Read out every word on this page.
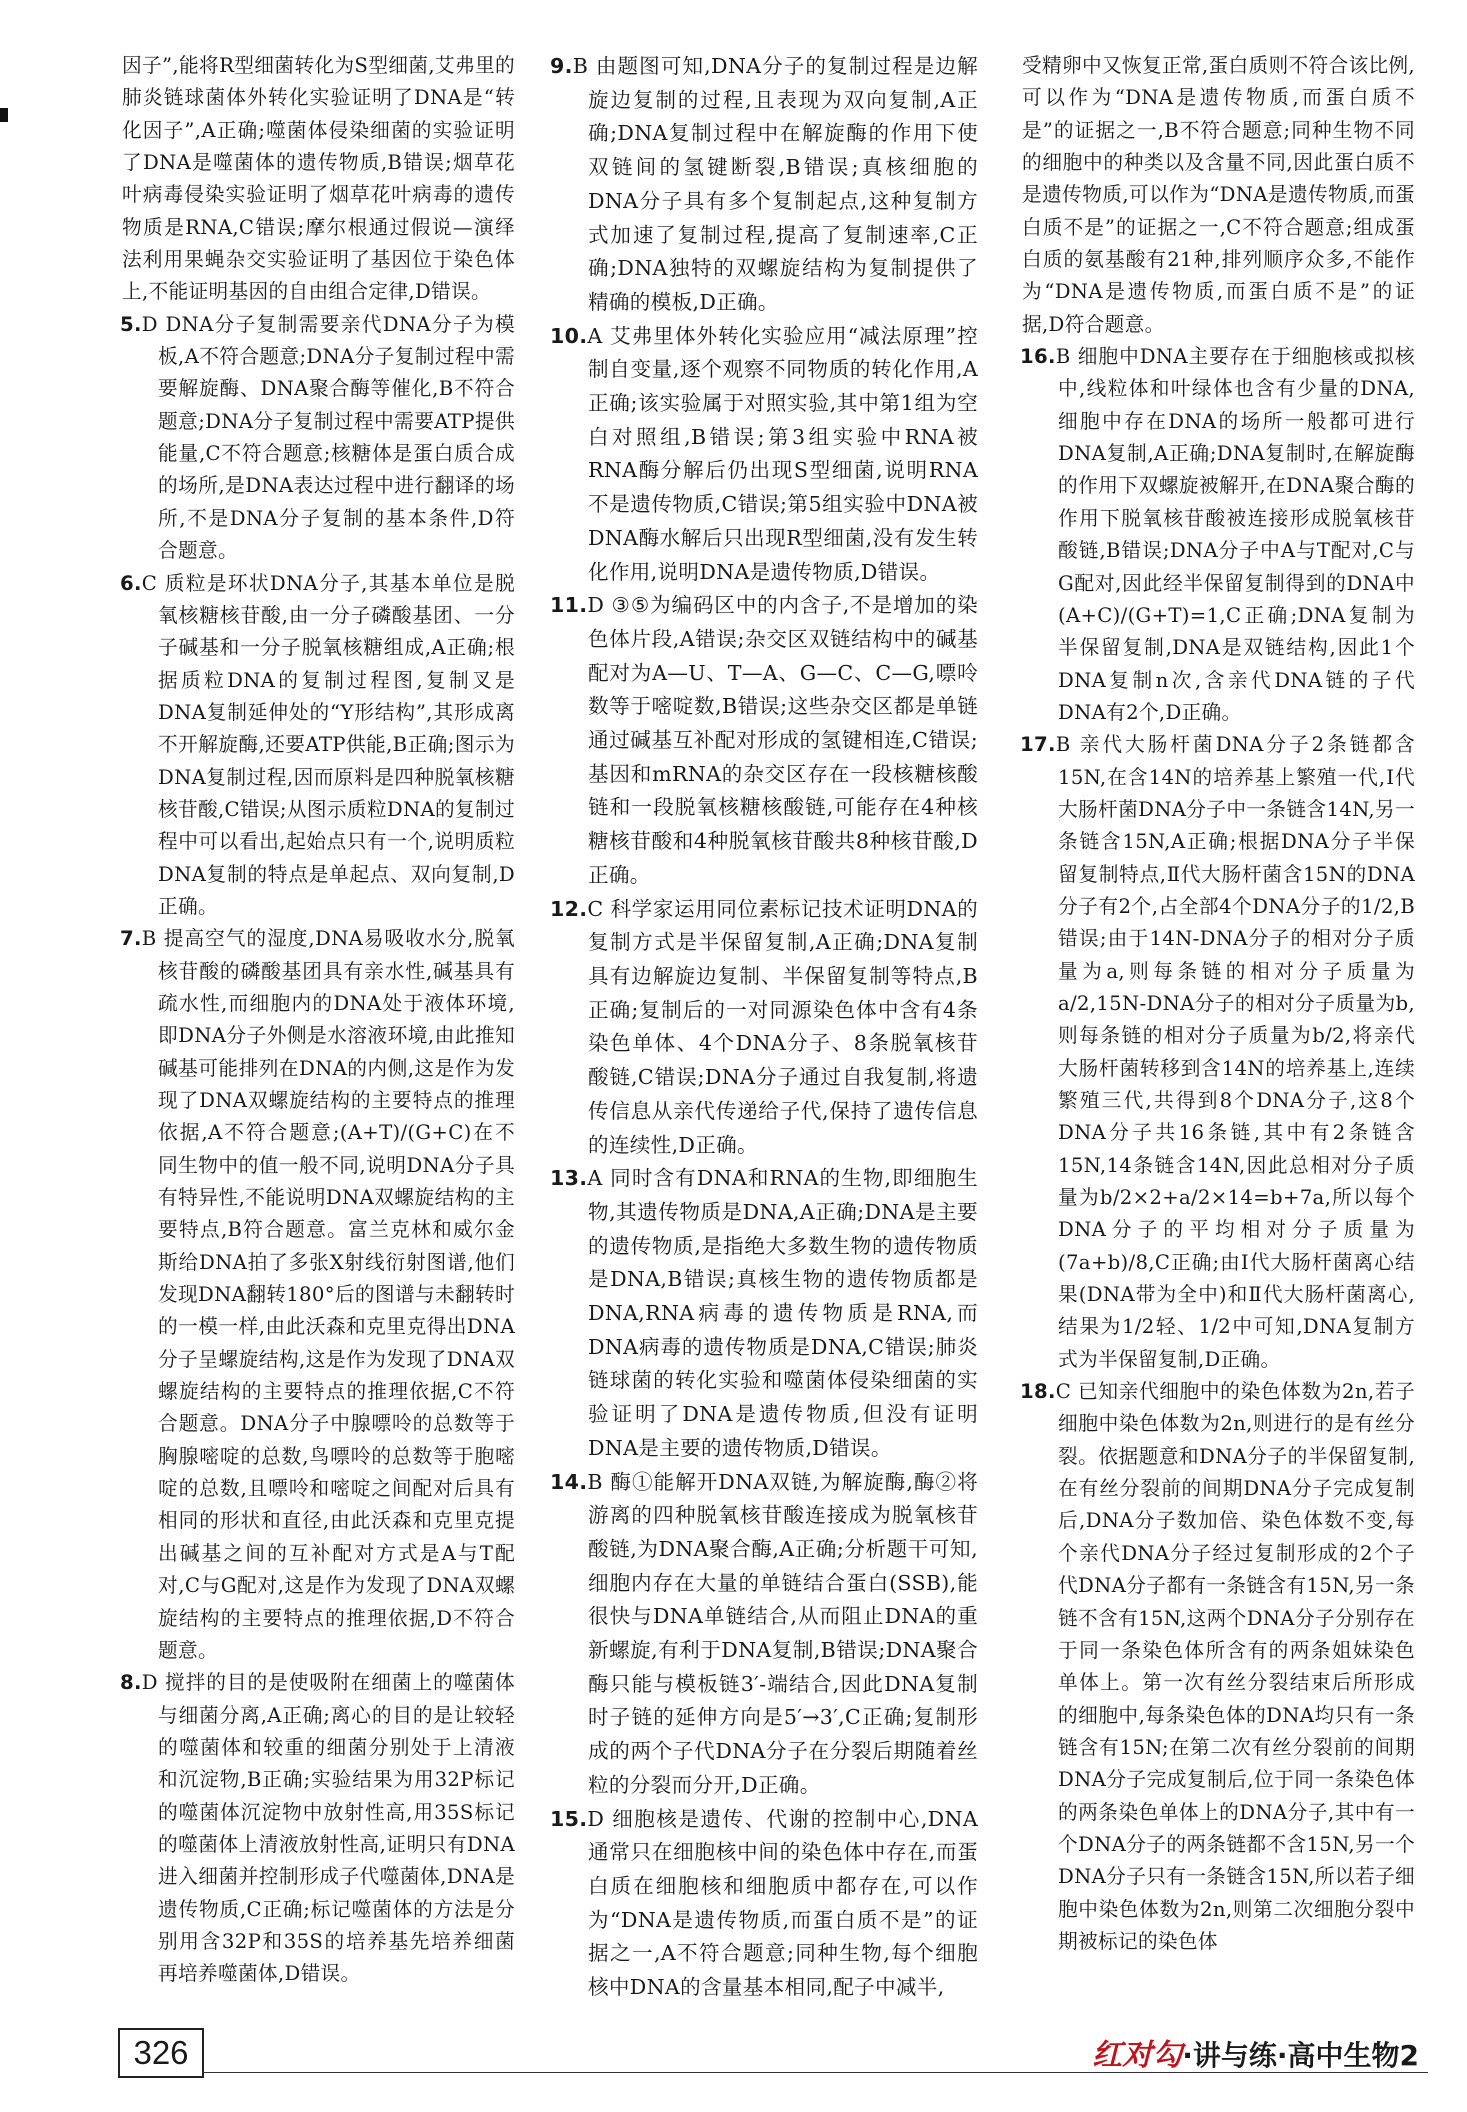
因子”,能将R型细菌转化为S型细菌,艾弗里的肺炎链球菌体外转化实验证明了DNA是“转化因子”,A正确;噬菌体侵染细菌的实验证明了DNA是噬菌体的遗传物质,B错误;烟草花叶病毒侵染实验证明了烟草花叶病毒的遗传物质是RNA,C错误;摩尔根通过假说—演绎法利用果蝇杂交实验证明了基因位于染色体上,不能证明基因的自由组合定律,D错误。

5.D DNA分子复制需要亲代DNA分子为模板,A不符合题意;DNA分子复制过程中需要解旋酶、DNA聚合酶等催化,B不符合题意;DNA分子复制过程中需要ATP提供能量,C不符合题意;核糖体是蛋白质合成的场所,是DNA表达过程中进行翻译的场所,不是DNA分子复制的基本条件,D符合题意。

6.C 质粒是环状DNA分子,其基本单位是脱氧核糖核苷酸,由一分子磷酸基团、一分子碱基和一分子脱氧核糖组成,A正确;根据质粒DNA的复制过程图,复制叉是DNA复制延伸处的“Y形结构”,其形成离不开解旋酶,还要ATP供能,B正确;图示为DNA复制过程,因而原料是四种脱氧核糖核苷酸,C错误;从图示质粒DNA的复制过程中可以看出,起始点只有一个,说明质粒DNA复制的特点是单起点、双向复制,D正确。

7.B 提高空气的湿度,DNA易吸收水分,脱氧核苷酸的磷酸基团具有亲水性,碱基具有疏水性,而细胞内的DNA处于液体环境,即DNA分子外侧是水溶液环境,由此推知碱基可能排列在DNA的内侧,这是作为发现了DNA双螺旋结构的主要特点的推理依据,A不符合题意;(A+T)/(G+C)在不同生物中的值一般不同,说明DNA分子具有特异性,不能说明DNA双螺旋结构的主要特点,B符合题意。富兰克林和威尔金斯给DNA拍了多张X射线衍射图谱,他们发现DNA翻转180°后的图谱与未翻转时的一模一样,由此沃森和克里克得出DNA分子呈螺旋结构,这是作为发现了DNA双螺旋结构的主要特点的推理依据,C不符合题意。DNA分子中腺嘌呤的总数等于胸腺嘧啶的总数,鸟嘌呤的总数等于胞嘧啶的总数,且嘌呤和嘧啶之间配对后具有相同的形状和直径,由此沃森和克里克提出碱基之间的互补配对方式是A与T配对,C与G配对,这是作为发现了DNA双螺旋结构的主要特点的推理依据,D不符合题意。

8.D 搅拌的目的是使吸附在细菌上的噬菌体与细菌分离,A正确;离心的目的是让较轻的噬菌体和较重的细菌分别处于上清液和沉淀物,B正确;实验结果为用32P标记的噬菌体沉淀物中放射性高,用35S标记的噬菌体上清液放射性高,证明只有DNA进入细菌并控制形成子代噬菌体,DNA是遗传物质,C正确;标记噬菌体的方法是分别用含32P和35S的培养基先培养细菌再培养噬菌体,D错误。

9.B 由题图可知,DNA分子的复制过程是边解旋边复制的过程,且表现为双向复制,A正确;DNA复制过程中在解旋酶的作用下使双链间的氢键断裂,B错误;真核细胞的DNA分子具有多个复制起点,这种复制方式加速了复制过程,提高了复制速率,C正确;DNA独特的双螺旋结构为复制提供了精确的模板,D正确。

10.A 艾弗里体外转化实验应用“减法原理”控制自变量,逐个观察不同物质的转化作用,A正确;该实验属于对照实验,其中第1组为空白对照组,B错误;第3组实验中RNA被RNA酶分解后仍出现S型细菌,说明RNA不是遗传物质,C错误;第5组实验中DNA被DNA酶水解后只出现R型细菌,没有发生转化作用,说明DNA是遗传物质,D错误。

11.D ③⑤为编码区中的内含子,不是增加的染色体片段,A错误;杂交区双链结构中的碱基配对为A—U、T—A、G—C、C—G,嘌呤数等于嘧啶数,B错误;这些杂交区都是单链通过碱基互补配对形成的氢键相连,C错误;基因和mRNA的杂交区存在一段核糖核酸链和一段脱氧核糖核酸链,可能存在4种核糖核苷酸和4种脱氧核苷酸共8种核苷酸,D正确。

12.C 科学家运用同位素标记技术证明DNA的复制方式是半保留复制,A正确;DNA复制具有边解旋边复制、半保留复制等特点,B正确;复制后的一对同源染色体中含有4条染色单体、4个DNA分子、8条脱氧核苷酸链,C错误;DNA分子通过自我复制,将遗传信息从亲代传递给子代,保持了遗传信息的连续性,D正确。

13.A 同时含有DNA和RNA的生物,即细胞生物,其遗传物质是DNA,A正确;DNA是主要的遗传物质,是指绝大多数生物的遗传物质是DNA,B错误;真核生物的遗传物质都是DNA,RNA病毒的遗传物质是RNA,而DNA病毒的遗传物质是DNA,C错误;肺炎链球菌的转化实验和噬菌体侵染细菌的实验证明了DNA是遗传物质,但没有证明DNA是主要的遗传物质,D错误。

14.B 酶①能解开DNA双链,为解旋酶,酶②将游离的四种脱氧核苷酸连接成为脱氧核苷酸链,为DNA聚合酶,A正确;分析题干可知,细胞内存在大量的单链结合蛋白(SSB),能很快与DNA单链结合,从而阻止DNA的重新螺旋,有利于DNA复制,B错误;DNA聚合酶只能与模板链3′-端结合,因此DNA复制时子链的延伸方向是5′→3′,C正确;复制形成的两个子代DNA分子在分裂后期随着丝粒的分裂而分开,D正确。

15.D 细胞核是遗传、代谢的控制中心,DNA通常只在细胞核中间的染色体中存在,而蛋白质在细胞核和细胞质中都存在,可以作为“DNA是遗传物质,而蛋白质不是”的证据之一,A不符合题意;同种生物,每个细胞核中DNA的含量基本相同,配子中减半,

受精卵中又恢复正常,蛋白质则不符合该比例,可以作为“DNA是遗传物质,而蛋白质不是”的证据之一,B不符合题意;同种生物不同的细胞中的种类以及含量不同,因此蛋白质不是遗传物质,可以作为“DNA是遗传物质,而蛋白质不是”的证据之一,C不符合题意;组成蛋白质的氨基酸有21种,排列顺序众多,不能作为“DNA是遗传物质,而蛋白质不是”的证据,D符合题意。

16.B 细胞中DNA主要存在于细胞核或拟核中,线粒体和叶绿体也含有少量的DNA,细胞中存在DNA的场所一般都可进行DNA复制,A正确;DNA复制时,在解旋酶的作用下双螺旋被解开,在DNA聚合酶的作用下脱氧核苷酸被连接形成脱氧核苷酸链,B错误;DNA分子中A与T配对,C与G配对,因此经半保留复制得到的DNA中(A+C)/(G+T)=1,C正确;DNA复制为半保留复制,DNA是双链结构,因此1个DNA复制n次,含亲代DNA链的子代DNA有2个,D正确。

17.B 亲代大肠杆菌DNA分子2条链都含15N,在含14N的培养基上繁殖一代,Ⅰ代大肠杆菌DNA分子中一条链含14N,另一条链含15N,A正确;根据DNA分子半保留复制特点,Ⅱ代大肠杆菌含15N的DNA分子有2个,占全部4个DNA分子的1/2,B错误;由于14N-DNA分子的相对分子质量为a,则每条链的相对分子质量为a/2,15N-DNA分子的相对分子质量为b,则每条链的相对分子质量为b/2,将亲代大肠杆菌转移到含14N的培养基上,连续繁殖三代,共得到8个DNA分子,这8个DNA分子共16条链,其中有2条链含15N,14条链含14N,因此总相对分子质量为b/2×2+a/2×14=b+7a,所以每个DNA分子的平均相对分子质量为(7a+b)/8,C正确;由Ⅰ代大肠杆菌离心结果(DNA带为全中)和Ⅱ代大肠杆菌离心,结果为1/2轻、1/2中可知,DNA复制方式为半保留复制,D正确。

18.C 已知亲代细胞中的染色体数为2n,若子细胞中染色体数为2n,则进行的是有丝分裂。依据题意和DNA分子的半保留复制,在有丝分裂前的间期DNA分子完成复制后,DNA分子数加倍、染色体数不变,每个亲代DNA分子经过复制形成的2个子代DNA分子都有一条链含有15N,另一条链不含有15N,这两个DNA分子分别存在于同一条染色体所含有的两条姐妹染色单体上。第一次有丝分裂结束后所形成的细胞中,每条染色体的DNA均只有一条链含有15N;在第二次有丝分裂前的间期DNA分子完成复制后,位于同一条染色体的两条染色单体上的DNA分子,其中有一个DNA分子的两条链都不含15N,另一个DNA分子只有一条链含15N,所以若子细胞中染色体数为2n,则第二次细胞分裂中期被标记的染色体

326	红对勾·讲与练·高中生物2
